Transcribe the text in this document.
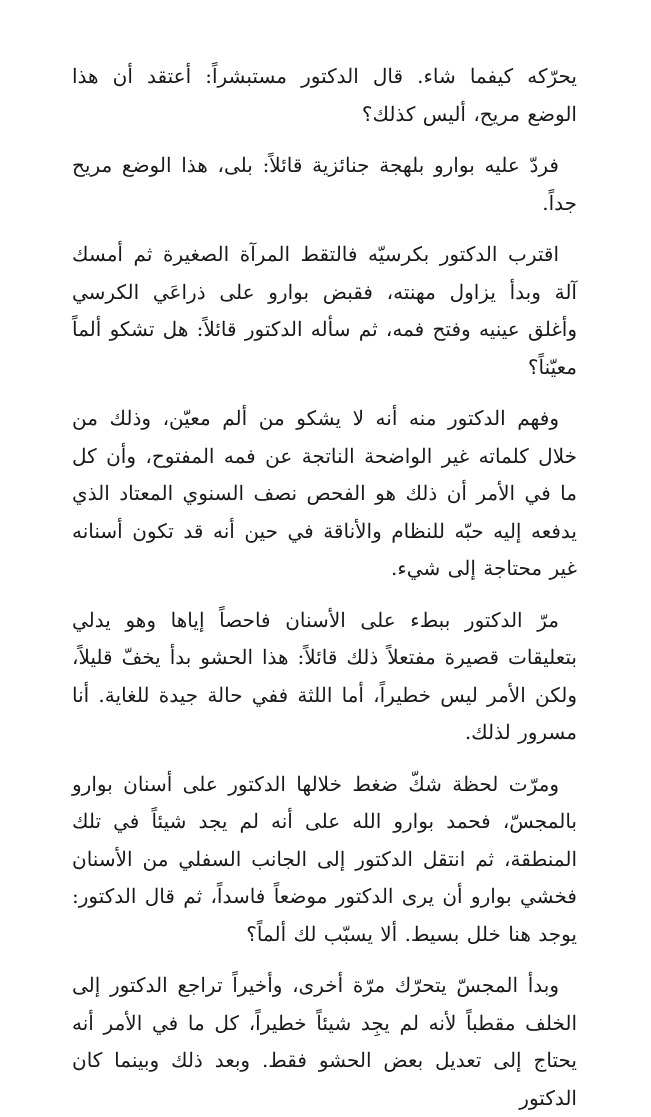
يحرّكه كيفما شاء. قال الدكتور مستبشراً: أعتقد أن هذا الوضع مريح، أليس كذلك؟

فردّ عليه بوارو بلهجة جنائزية قائلاً: بلى، هذا الوضع مريح جداً.

اقترب الدكتور بكرسيّه فالتقط المرآة الصغيرة ثم أمسك آلة وبدأ يزاول مهنته، فقبض بوارو على ذراعَي الكرسي وأغلق عينيه وفتح فمه، ثم سأله الدكتور قائلاً: هل تشكو ألماً معيّناً؟

وفهم الدكتور منه أنه لا يشكو من ألم معيّن، وذلك من خلال كلماته غير الواضحة الناتجة عن فمه المفتوح، وأن كل ما في الأمر أن ذلك هو الفحص نصف السنوي المعتاد الذي يدفعه إليه حبّه للنظام والأناقة في حين أنه قد تكون أسنانه غير محتاجة إلى شيء.

مرّ الدكتور ببطء على الأسنان فاحصاً إياها وهو يدلي بتعليقات قصيرة مفتعلاً ذلك قائلاً: هذا الحشو بدأ يخفّ قليلاً، ولكن الأمر ليس خطيراً، أما اللثة ففي حالة جيدة للغاية. أنا مسرور لذلك.

ومرّت لحظة شكّ ضغط خلالها الدكتور على أسنان بوارو بالمجسّ، فحمد بوارو الله على أنه لم يجد شيئاً في تلك المنطقة، ثم انتقل الدكتور إلى الجانب السفلي من الأسنان فخشي بوارو أن يرى الدكتور موضعاً فاسداً، ثم قال الدكتور: يوجد هنا خلل بسيط. ألا يسبّب لك ألماً؟

وبدأ المجسّ يتحرّك مرّة أخرى، وأخيراً تراجع الدكتور إلى الخلف مقطباً لأنه لم يجِد شيئاً خطيراً، كل ما في الأمر أنه يحتاج إلى تعديل بعض الحشو فقط. وبعد ذلك وبينما كان الدكتور
